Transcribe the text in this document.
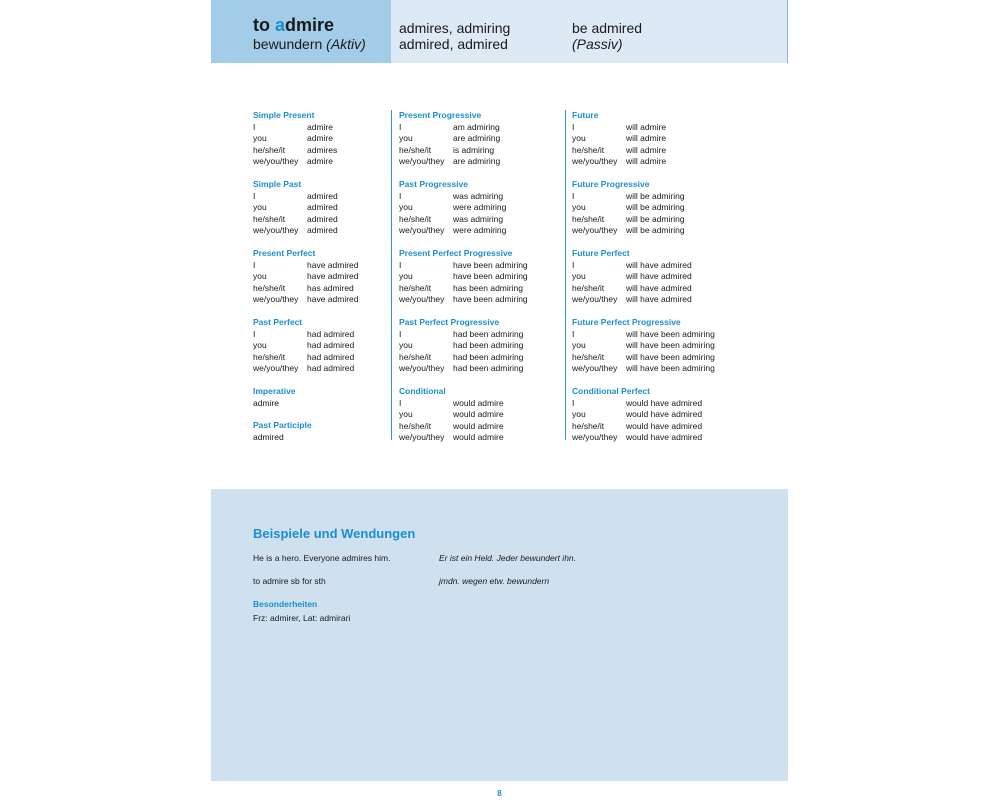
to admire
bewundern (Aktiv)
admires, admiring
admired, admired
be admired
(Passiv)
Simple Present
I	admire
you	admire
he/she/it	admires
we/you/they admire
Simple Past
I	admired
you	admired
he/she/it	admired
we/you/they admired
Present Perfect
I	have admired
you	have admired
he/she/it	has admired
we/you/they have admired
Past Perfect
I	had admired
you	had admired
he/she/it	had admired
we/you/they had admired
Imperative
admire
Past Participle
admired
Present Progressive
I	am admiring
you	are admiring
he/she/it	is admiring
we/you/they are admiring
Past Progressive
I	was admiring
you	were admiring
he/she/it	was admiring
we/you/they were admiring
Present Perfect Progressive
I	have been admiring
you	have been admiring
he/she/it	has been admiring
we/you/they have been admiring
Past Perfect Progressive
I	had been admiring
you	had been admiring
he/she/it	had been admiring
we/you/they had been admiring
Conditional
I	would admire
you	would admire
he/she/it	would admire
we/you/they would admire
Future
I	will admire
you	will admire
he/she/it	will admire
we/you/they will admire
Future Progressive
I	will be admiring
you	will be admiring
he/she/it	will be admiring
we/you/they will be admiring
Future Perfect
I	will have admired
you	will have admired
he/she/it	will have admired
we/you/they will have admired
Future Perfect Progressive
I	will have been admiring
you	will have been admiring
he/she/it	will have been admiring
we/you/they will have been admiring
Conditional Perfect
I	would have admired
you	would have admired
he/she/it	would have admired
we/you/they would have admired
Beispiele und Wendungen
He is a hero. Everyone admires him.	Er ist ein Held. Jeder bewundert ihn.
to admire sb for sth	jmdn. wegen etw. bewundern
Besonderheiten
Frz: admirer, Lat: admirari
8
